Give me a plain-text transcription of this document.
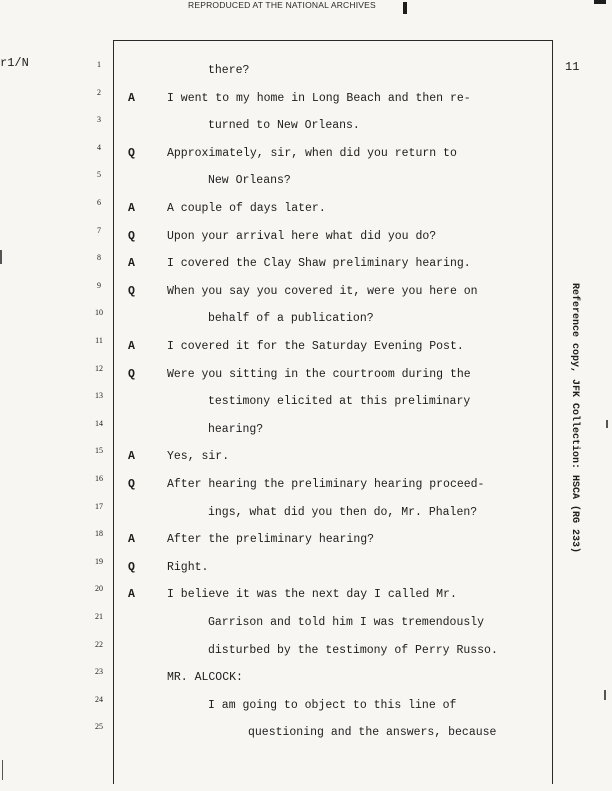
REPRODUCED AT THE NATIONAL ARCHIVES
r1/N	11
Reference copy, JFK Collection: HSCA (RG 233)
1	there?
2	A	I went to my home in Long Beach and then re-
3	turned to New Orleans.
4	Q	Approximately, sir, when did you return to
5	New Orleans?
6	A	A couple of days later.
7	Q	Upon your arrival here what did you do?
8	A	I covered the Clay Shaw preliminary hearing.
9	Q	When you say you covered it, were you here on
10	behalf of a publication?
11	A	I covered it for the Saturday Evening Post.
12	Q	Were you sitting in the courtroom during the
13	testimony elicited at this preliminary
14	hearing?
15	A	Yes, sir.
16	Q	After hearing the preliminary hearing proceed-
17	ings, what did you then do, Mr. Phalen?
18	A	After the preliminary hearing?
19	Q	Right.
20	A	I believe it was the next day I called Mr.
21	Garrison and told him I was tremendously
22	disturbed by the testimony of Perry Russo.
23	MR. ALCOCK:
24	I am going to object to this line of
25	questioning and the answers, because
